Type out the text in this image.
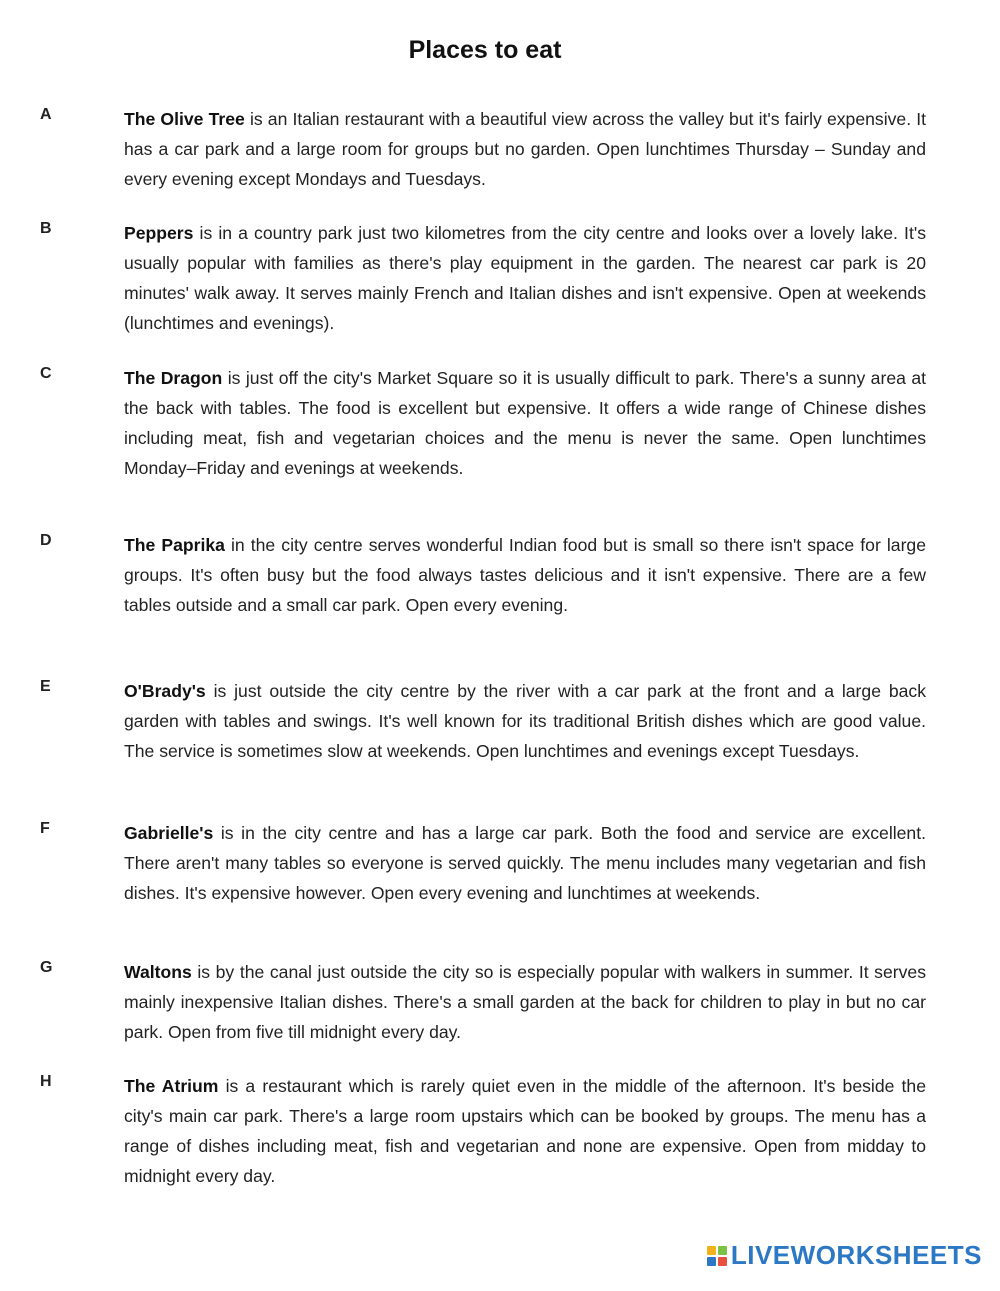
Places to eat
A	The Olive Tree is an Italian restaurant with a beautiful view across the valley but it's fairly expensive. It has a car park and a large room for groups but no garden. Open lunchtimes Thursday – Sunday and every evening except Mondays and Tuesdays.
B	Peppers is in a country park just two kilometres from the city centre and looks over a lovely lake. It's usually popular with families as there's play equipment in the garden. The nearest car park is 20 minutes' walk away. It serves mainly French and Italian dishes and isn't expensive. Open at weekends (lunchtimes and evenings).
C	The Dragon is just off the city's Market Square so it is usually difficult to park. There's a sunny area at the back with tables. The food is excellent but expensive. It offers a wide range of Chinese dishes including meat, fish and vegetarian choices and the menu is never the same. Open lunchtimes Monday–Friday and evenings at weekends.
D	The Paprika in the city centre serves wonderful Indian food but is small so there isn't space for large groups. It's often busy but the food always tastes delicious and it isn't expensive. There are a few tables outside and a small car park. Open every evening.
E	O'Brady's is just outside the city centre by the river with a car park at the front and a large back garden with tables and swings. It's well known for its traditional British dishes which are good value. The service is sometimes slow at weekends. Open lunchtimes and evenings except Tuesdays.
F	Gabrielle's is in the city centre and has a large car park. Both the food and service are excellent. There aren't many tables so everyone is served quickly. The menu includes many vegetarian and fish dishes. It's expensive however. Open every evening and lunchtimes at weekends.
G	Waltons is by the canal just outside the city so is especially popular with walkers in summer. It serves mainly inexpensive Italian dishes. There's a small garden at the back for children to play in but no car park. Open from five till midnight every day.
H	The Atrium is a restaurant which is rarely quiet even in the middle of the afternoon. It's beside the city's main car park. There's a large room upstairs which can be booked by groups. The menu has a range of dishes including meat, fish and vegetarian and none are expensive. Open from midday to midnight every day.
LIVEWORKSHEETS
